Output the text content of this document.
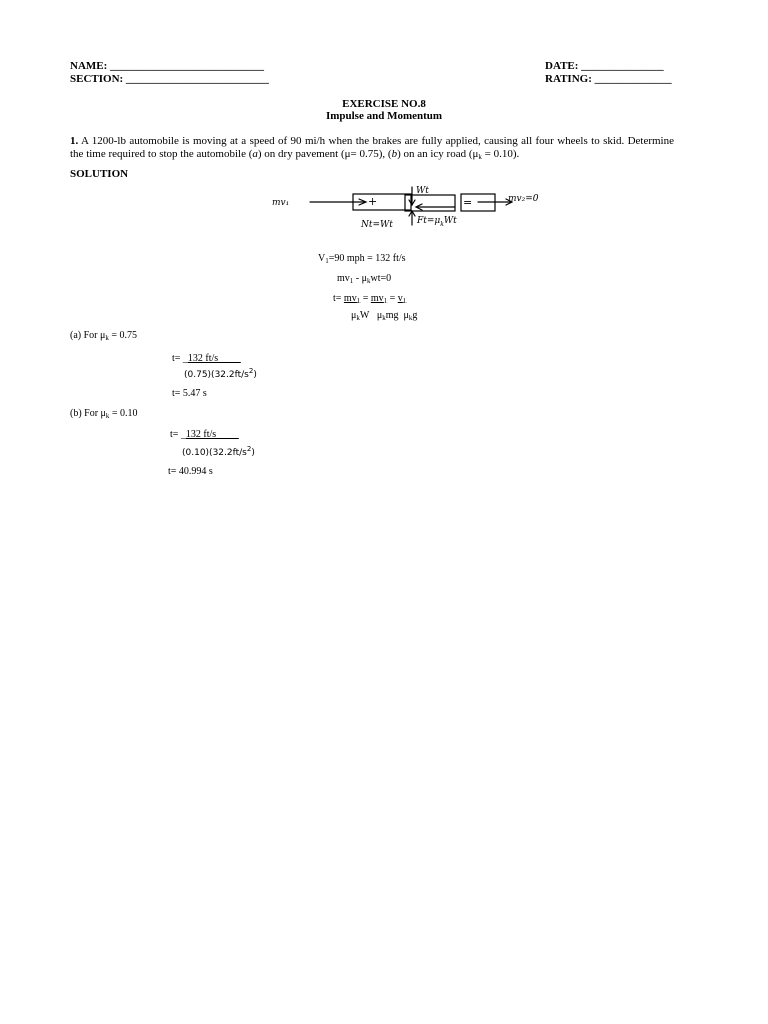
NAME: ____________________________
SECTION: __________________________
DATE: _______________
RATING: ______________
EXERCISE NO.8
Impulse and Momentum
1. A 1200-lb automobile is moving at a speed of 90 mi/h when the brakes are fully applied, causing all four wheels to skid. Determine the time required to stop the automobile (a) on dry pavement (μ= 0.75), (b) on an icy road $(\mu_k = 0.10)$.
SOLUTION
mv₁	+
Wt
Nt=Wt	$Ft=\mu_kWt$
=	mv₂=0
$V_1=90$ mph = 132 ft/s
$mv_1 - \mu_kwt=0$
$t= mv_1 = mv_1 = v_1$
$\mu_kW$ $\mu_kmg$ $\mu_kg$
(a) For $\mu_k = 0.75$
t= _132 ft/s ____
$(0.75)(32.2ft/s^2)$
t= 5.47 s
(b) For $\mu_k = 0.10$
t= _132 ft/s ____
$(0.10)(32.2ft/s^2)$
t= 40.994 s
